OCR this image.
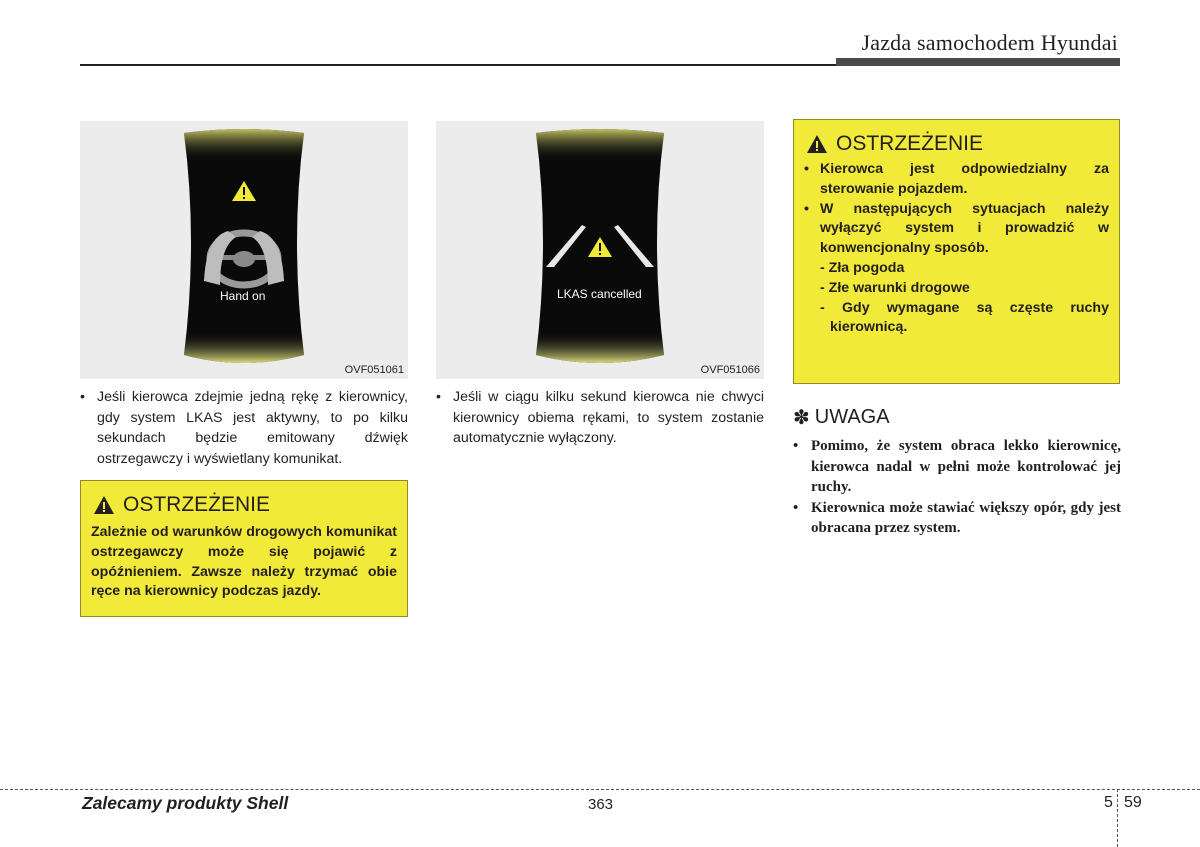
Jazda samochodem Hyundai
Hand on
OVF051061
LKAS cancelled
OVF051066
• Jeśli kierowca zdejmie jedną rękę z kierownicy, gdy system LKAS jest aktywny, to po kilku sekundach będzie emitowany dźwięk ostrzegawczy i wyświetlany komunikat.
• Jeśli w ciągu kilku sekund kierowca nie chwyci kierownicy obiema rękami, to system zostanie automatycznie wyłączony.
OSTRZEŻENIE
Zależnie od warunków drogowych komunikat ostrzegawczy może się pojawić z opóźnieniem. Zawsze należy trzymać obie ręce na kierownicy podczas jazdy.
OSTRZEŻENIE
• Kierowca jest odpowiedzialny za sterowanie pojazdem.
• W następujących sytuacjach należy wyłączyć system i prowadzić w konwencjonalny sposób.
- Zła pogoda
- Złe warunki drogowe
- Gdy wymagane są częste ruchy kierownicą.
✽ UWAGA
• Pomimo, że system obraca lekko kierownicę, kierowca nadal w pełni może kontrolować jej ruchy.
• Kierownica może stawiać większy opór, gdy jest obracana przez system.
Zalecamy produkty Shell	363	5 59
